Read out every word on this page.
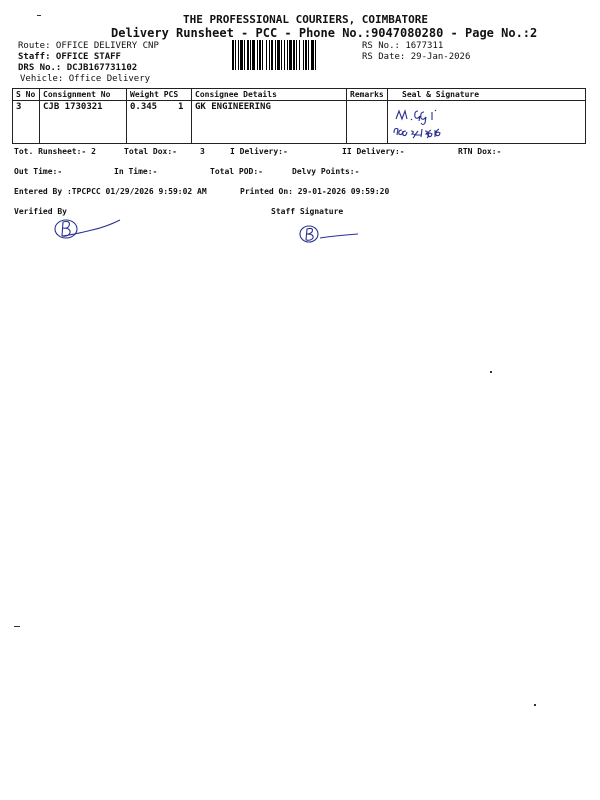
THE PROFESSIONAL COURIERS, COIMBATORE
Delivery Runsheet - PCC - Phone No.:9047080280 - Page No.:2
Route: OFFICE DELIVERY CNP
Staff: OFFICE STAFF
DRS No.: DCJB167731102
Vehicle: Office Delivery
RS No.: 1677311
RS Date: 29-Jan-2026
S No	Consignment No	Weight PCS	Consignee Details	Remarks	Seal & Signature
3	CJB 1730321	0.345 1	GK ENGINEERING		
Tot. Runsheet:- 2	Total Dox:-	3	I Delivery:-	II Delivery:-	RTN Dox:-
Out Time:-	In Time:-	Total POD:-	Delvy Points:-
Entered By :TPCPCC 01/29/2026 9:59:02 AM	Printed On: 29-01-2026 09:59:20
Verified By	Staff Signature
